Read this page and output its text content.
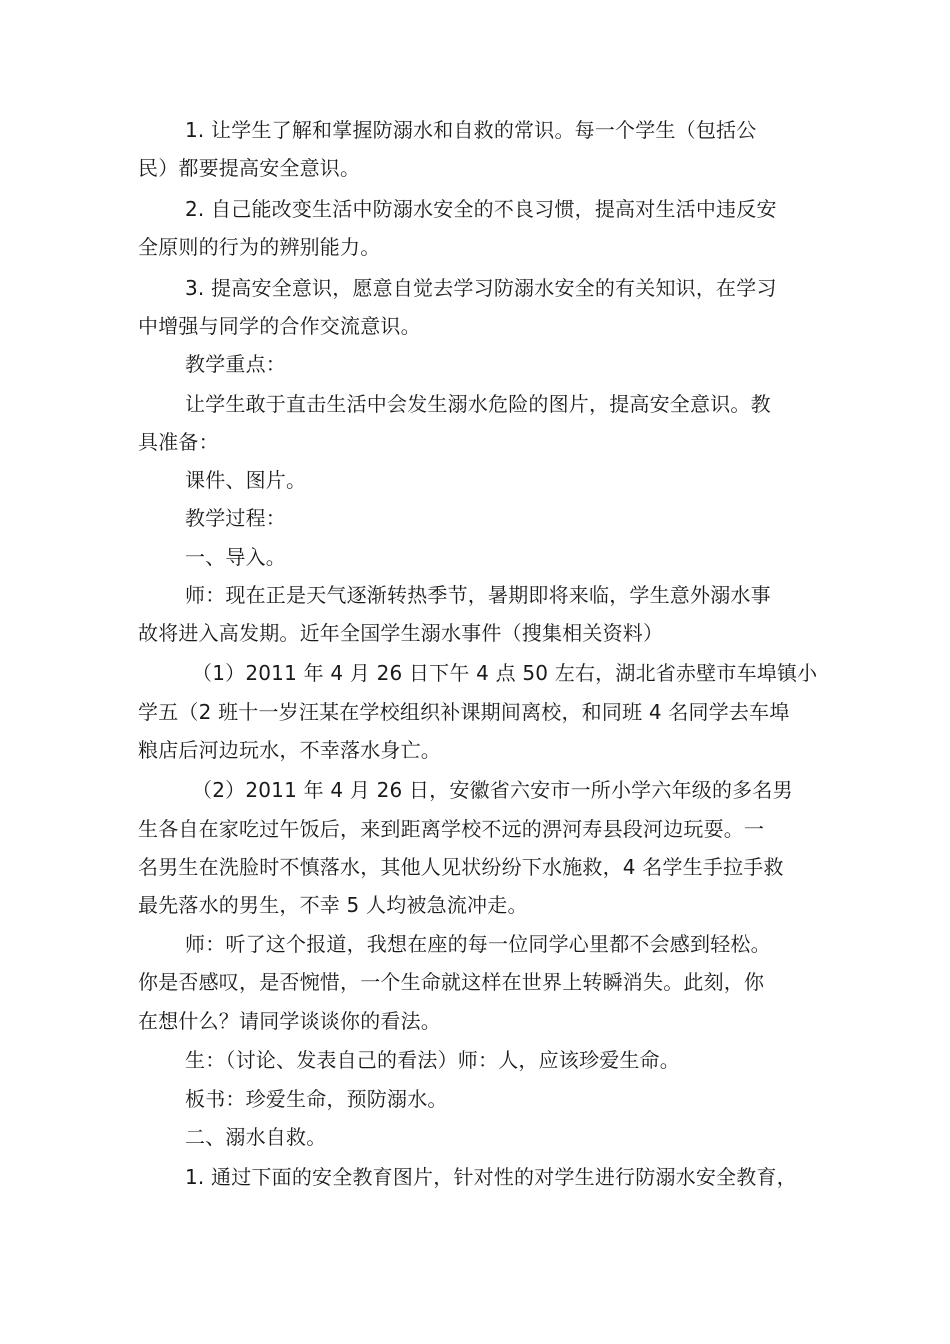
1. 让学生了解和掌握防溺水和自救的常识。每一个学生（包括公
民）都要提高安全意识。
2. 自己能改变生活中防溺水安全的不良习惯，提高对生活中违反安
全原则的行为的辨别能力。
3. 提高安全意识，愿意自觉去学习防溺水安全的有关知识，在学习
中增强与同学的合作交流意识。
教学重点：
让学生敢于直击生活中会发生溺水危险的图片，提高安全意识。教
具准备：
课件、图片。
教学过程：
一、导入。
师：现在正是天气逐渐转热季节，暑期即将来临，学生意外溺水事
故将进入高发期。近年全国学生溺水事件（搜集相关资料）
（1）2011 年 4 月 26 日下午 4 点 50 左右，湖北省赤壁市车埠镇小
学五（2 班十一岁汪某在学校组织补课期间离校，和同班 4 名同学去车埠
粮店后河边玩水，不幸落水身亡。
（2）2011 年 4 月 26 日，安徽省六安市一所小学六年级的多名男
生各自在家吃过午饭后，来到距离学校不远的淠河寿县段河边玩耍。一
名男生在洗脸时不慎落水，其他人见状纷纷下水施救，4 名学生手拉手救
最先落水的男生，不幸 5 人均被急流冲走。
师：听了这个报道，我想在座的每一位同学心里都不会感到轻松。
你是否感叹，是否惋惜，一个生命就这样在世界上转瞬消失。此刻，你
在想什么？请同学谈谈你的看法。
生：（讨论、发表自己的看法）师：人，应该珍爱生命。
板书：珍爱生命，预防溺水。
二、溺水自救。
1. 通过下面的安全教育图片，针对性的对学生进行防溺水安全教育，
